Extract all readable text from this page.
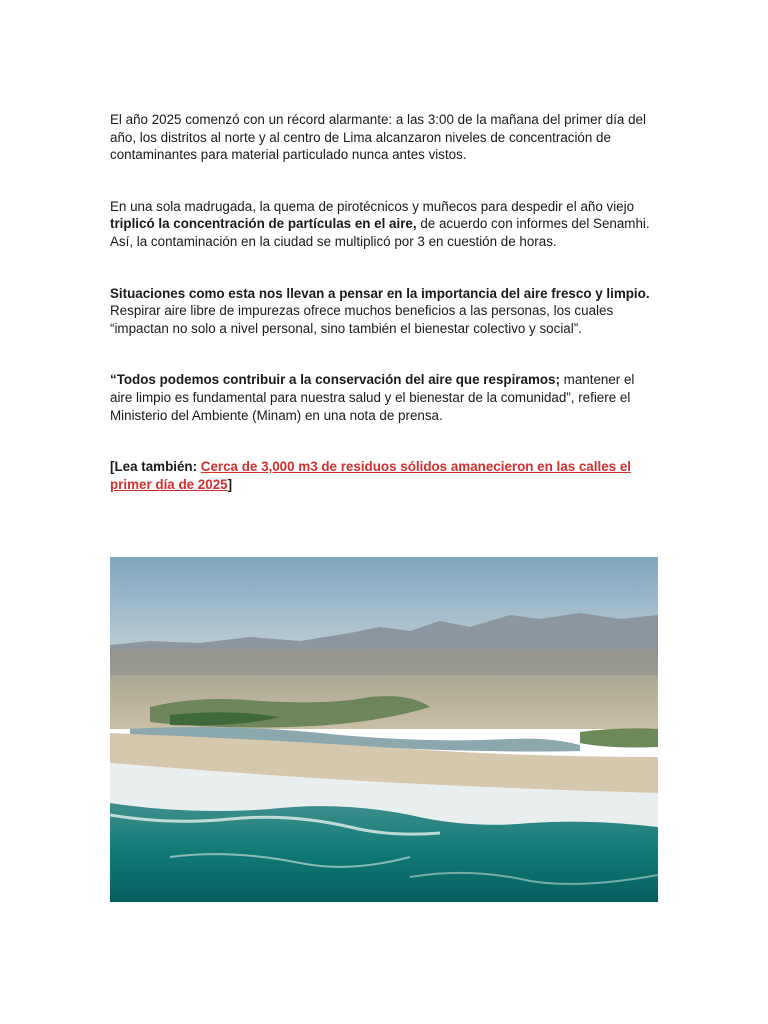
El año 2025 comenzó con un récord alarmante: a las 3:00 de la mañana del primer día del año, los distritos al norte y al centro de Lima alcanzaron niveles de concentración de contaminantes para material particulado nunca antes vistos.

En una sola madrugada, la quema de pirotécnicos y muñecos para despedir el año viejo triplicó la concentración de partículas en el aire, de acuerdo con informes del Senamhi. Así, la contaminación en la ciudad se multiplicó por 3 en cuestión de horas.

Situaciones como esta nos llevan a pensar en la importancia del aire fresco y limpio. Respirar aire libre de impurezas ofrece muchos beneficios a las personas, los cuales “impactan no solo a nivel personal, sino también el bienestar colectivo y social”.

“Todos podemos contribuir a la conservación del aire que respiramos; mantener el aire limpio es fundamental para nuestra salud y el bienestar de la comunidad”, refiere el Ministerio del Ambiente (Minam) en una nota de prensa.

[Lea también: Cerca de 3,000 m3 de residuos sólidos amanecieron en las calles el primer día de 2025]
